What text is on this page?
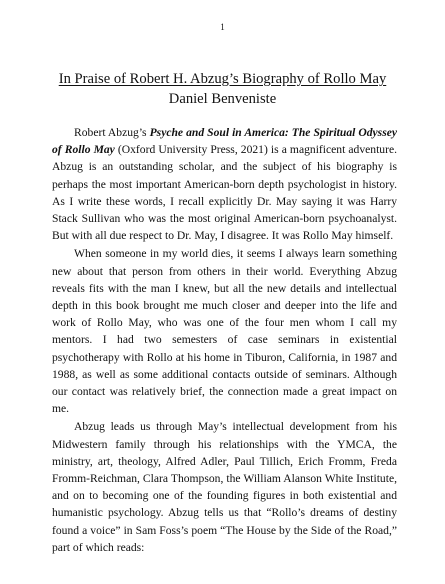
1
In Praise of Robert H. Abzug’s Biography of Rollo May
Daniel Benveniste

Robert Abzug’s Psyche and Soul in America: The Spiritual Odyssey of Rollo May (Oxford University Press, 2021) is a magnificent adventure. Abzug is an outstanding scholar, and the subject of his biography is perhaps the most important American-born depth psychologist in history. As I write these words, I recall explicitly Dr. May saying it was Harry Stack Sullivan who was the most original American-born psychoanalyst. But with all due respect to Dr. May, I disagree. It was Rollo May himself.

When someone in my world dies, it seems I always learn something new about that person from others in their world. Everything Abzug reveals fits with the man I knew, but all the new details and intellectual depth in this book brought me much closer and deeper into the life and work of Rollo May, who was one of the four men whom I call my mentors. I had two semesters of case seminars in existential psychotherapy with Rollo at his home in Tiburon, California, in 1987 and 1988, as well as some additional contacts outside of seminars. Although our contact was relatively brief, the connection made a great impact on me.

Abzug leads us through May’s intellectual development from his Midwestern family through his relationships with the YMCA, the ministry, art, theology, Alfred Adler, Paul Tillich, Erich Fromm, Freda Fromm-Reichman, Clara Thompson, the William Alanson White Institute, and on to becoming one of the founding figures in both existential and humanistic psychology. Abzug tells us that “Rollo’s dreams of destiny found a voice” in Sam Foss’s poem “The House by the Side of the Road,” part of which reads:
